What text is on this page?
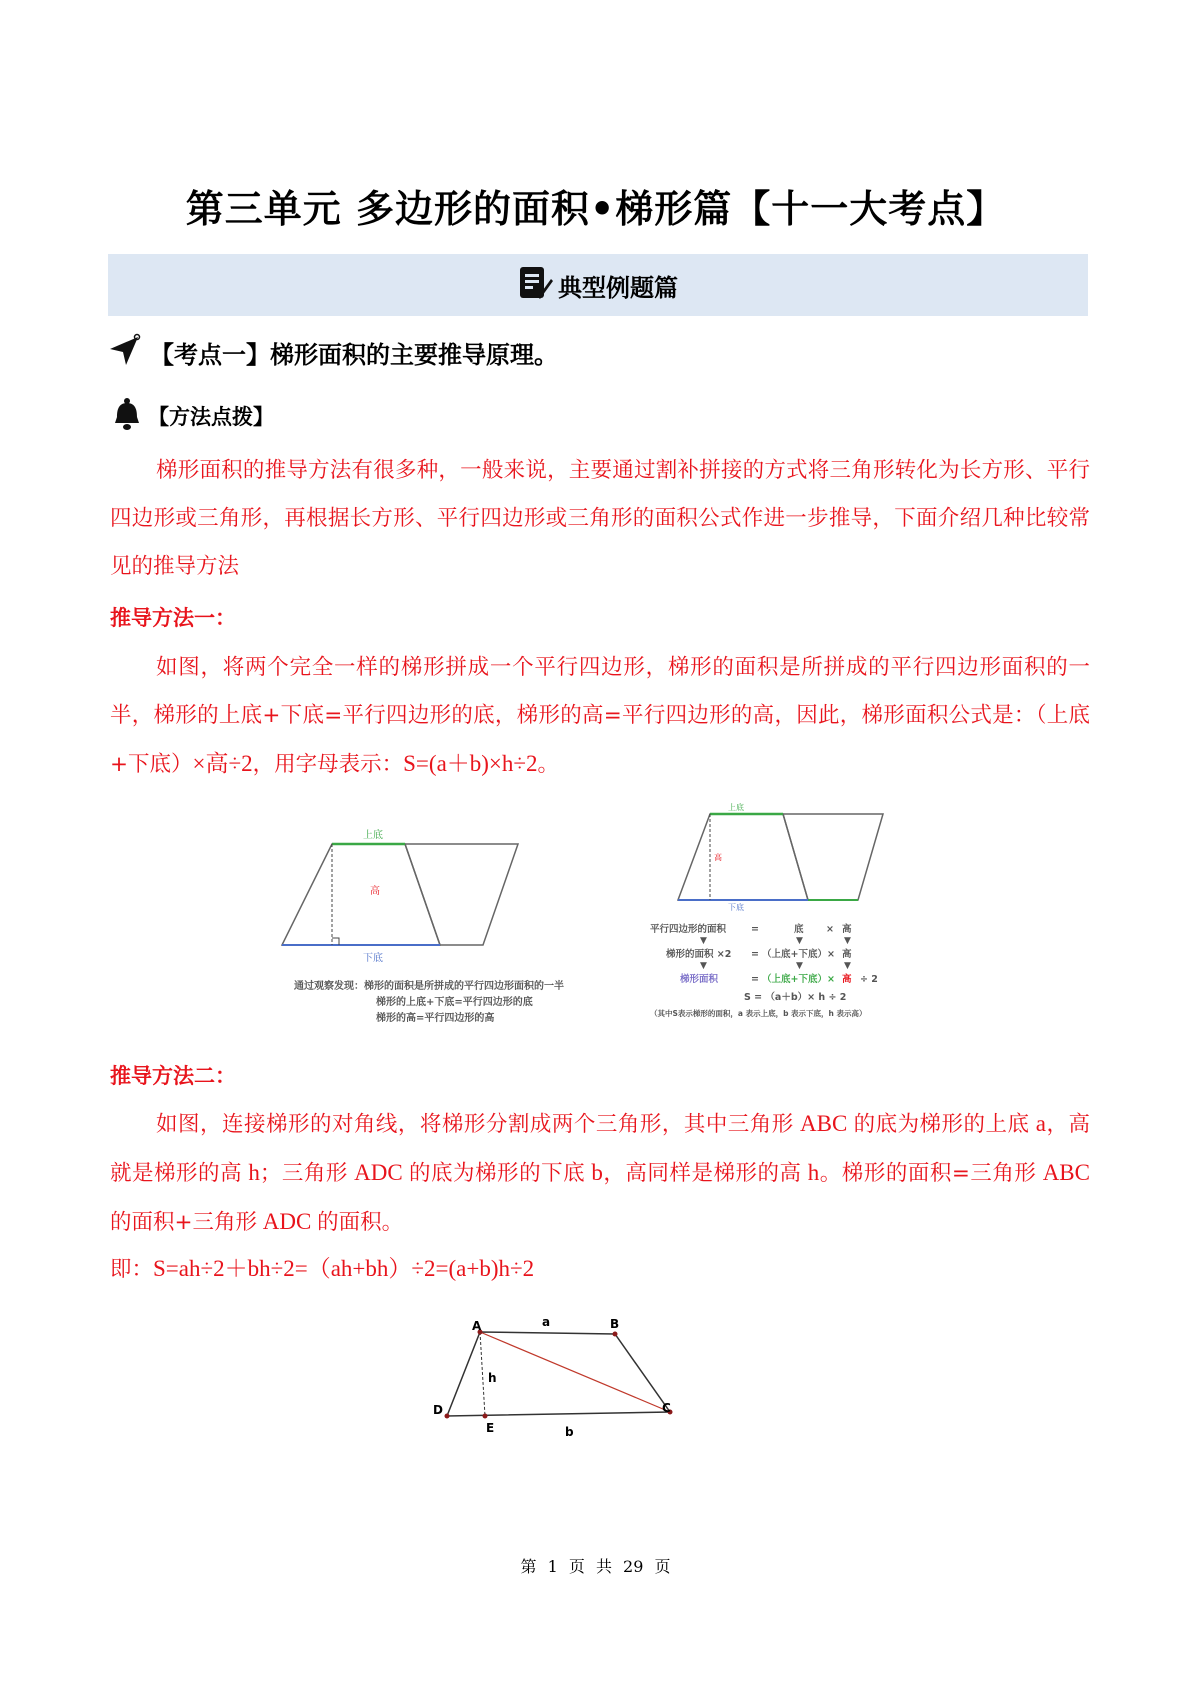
第三单元 多边形的面积•梯形篇【十一大考点】
典型例题篇
【考点一】梯形面积的主要推导原理。
【方法点拨】

梯形面积的推导方法有很多种，一般来说，主要通过割补拼接的方式将三角形转化为长方形、平行四边形或三角形，再根据长方形、平行四边形或三角形的面积公式作进一步推导，下面介绍几种比较常见的推导方法

推导方法一：

如图，将两个完全一样的梯形拼成一个平行四边形，梯形的面积是所拼成的平行四边形面积的一半，梯形的上底+下底=平行四边形的底，梯形的高=平行四边形的高，因此，梯形面积公式是：（上底+下底）×高÷2，用字母表示：S=(a＋b)×h÷2。

上底
高
下底
通过观察发现：梯形的面积是所拼成的平行四边形面积的一半
梯形的上底+下底=平行四边形的底
梯形的高=平行四边形的高
上底
高
下底
平行四边形的面积	=	底 × 高
▼	▼	▼
梯形的面积 ×2 = （上底+下底）× 高
▼	▼	▼
梯形面积	= （上底+下底）× 高 ÷ 2
S = （a＋b）× h ÷ 2
（其中S表示梯形的面积，a 表示上底，b 表示下底，h 表示高）
推导方法二：

如图，连接梯形的对角线，将梯形分割成两个三角形，其中三角形 ABC 的底为梯形的上底 a，高就是梯形的高 h；三角形 ADC 的底为梯形的下底 b，高同样是梯形的高 h。梯形的面积=三角形 ABC 的面积+三角形 ADC 的面积。

即：S=ah÷2＋bh÷2=（ah+bh）÷2=(a+b)h÷2
A	B
C
D
E
a
b
h
第 1 页 共 29 页
